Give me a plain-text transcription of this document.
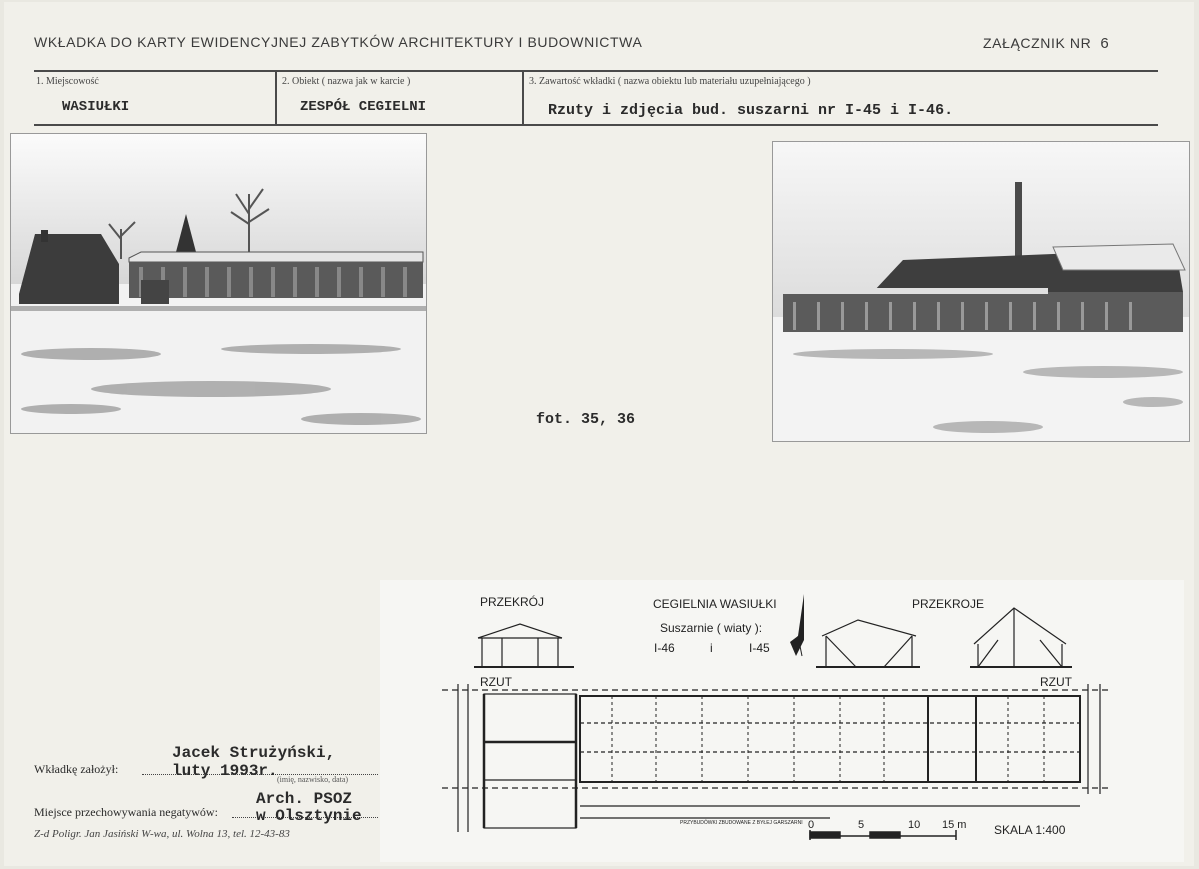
WKŁADKA DO KARTY EWIDENCYJNEJ ZABYTKÓW ARCHITEKTURY I BUDOWNICTWA	ZAŁĄCZNIK NR 6
1. Miejscowość	2. Obiekt ( nazwa jak w karcie )	3. Zawartość wkładki ( nazwa obiektu lub materiału uzupełniającego )
WASIUŁKI	ZESPÓŁ CEGIELNI	Rzuty i zdjęcia bud. suszarni nr I-45 i I-46.
fot. 35, 36
Wkładkę założył:
Jacek Strużyński,
luty 1993r. (imię, nazwisko, data)
Miejsce przechowywania negatywów:
Arch. PSOZ
w Olsztynie
Z-d Poligr. Jan Jasiński W-wa, ul. Wolna 13, tel. 12-43-83
PRZEKRÓJ	CEGIELNIA WASIUŁKI
Suszarnie ( wiaty ):
I-46	i	I-45
PRZEKROJE
RZUT	RZUT
0	5	10 15 m SKALA 1:400
PRZYBUDÓWKI ZBUDOWANE Z BYŁEJ GARSZARNI
